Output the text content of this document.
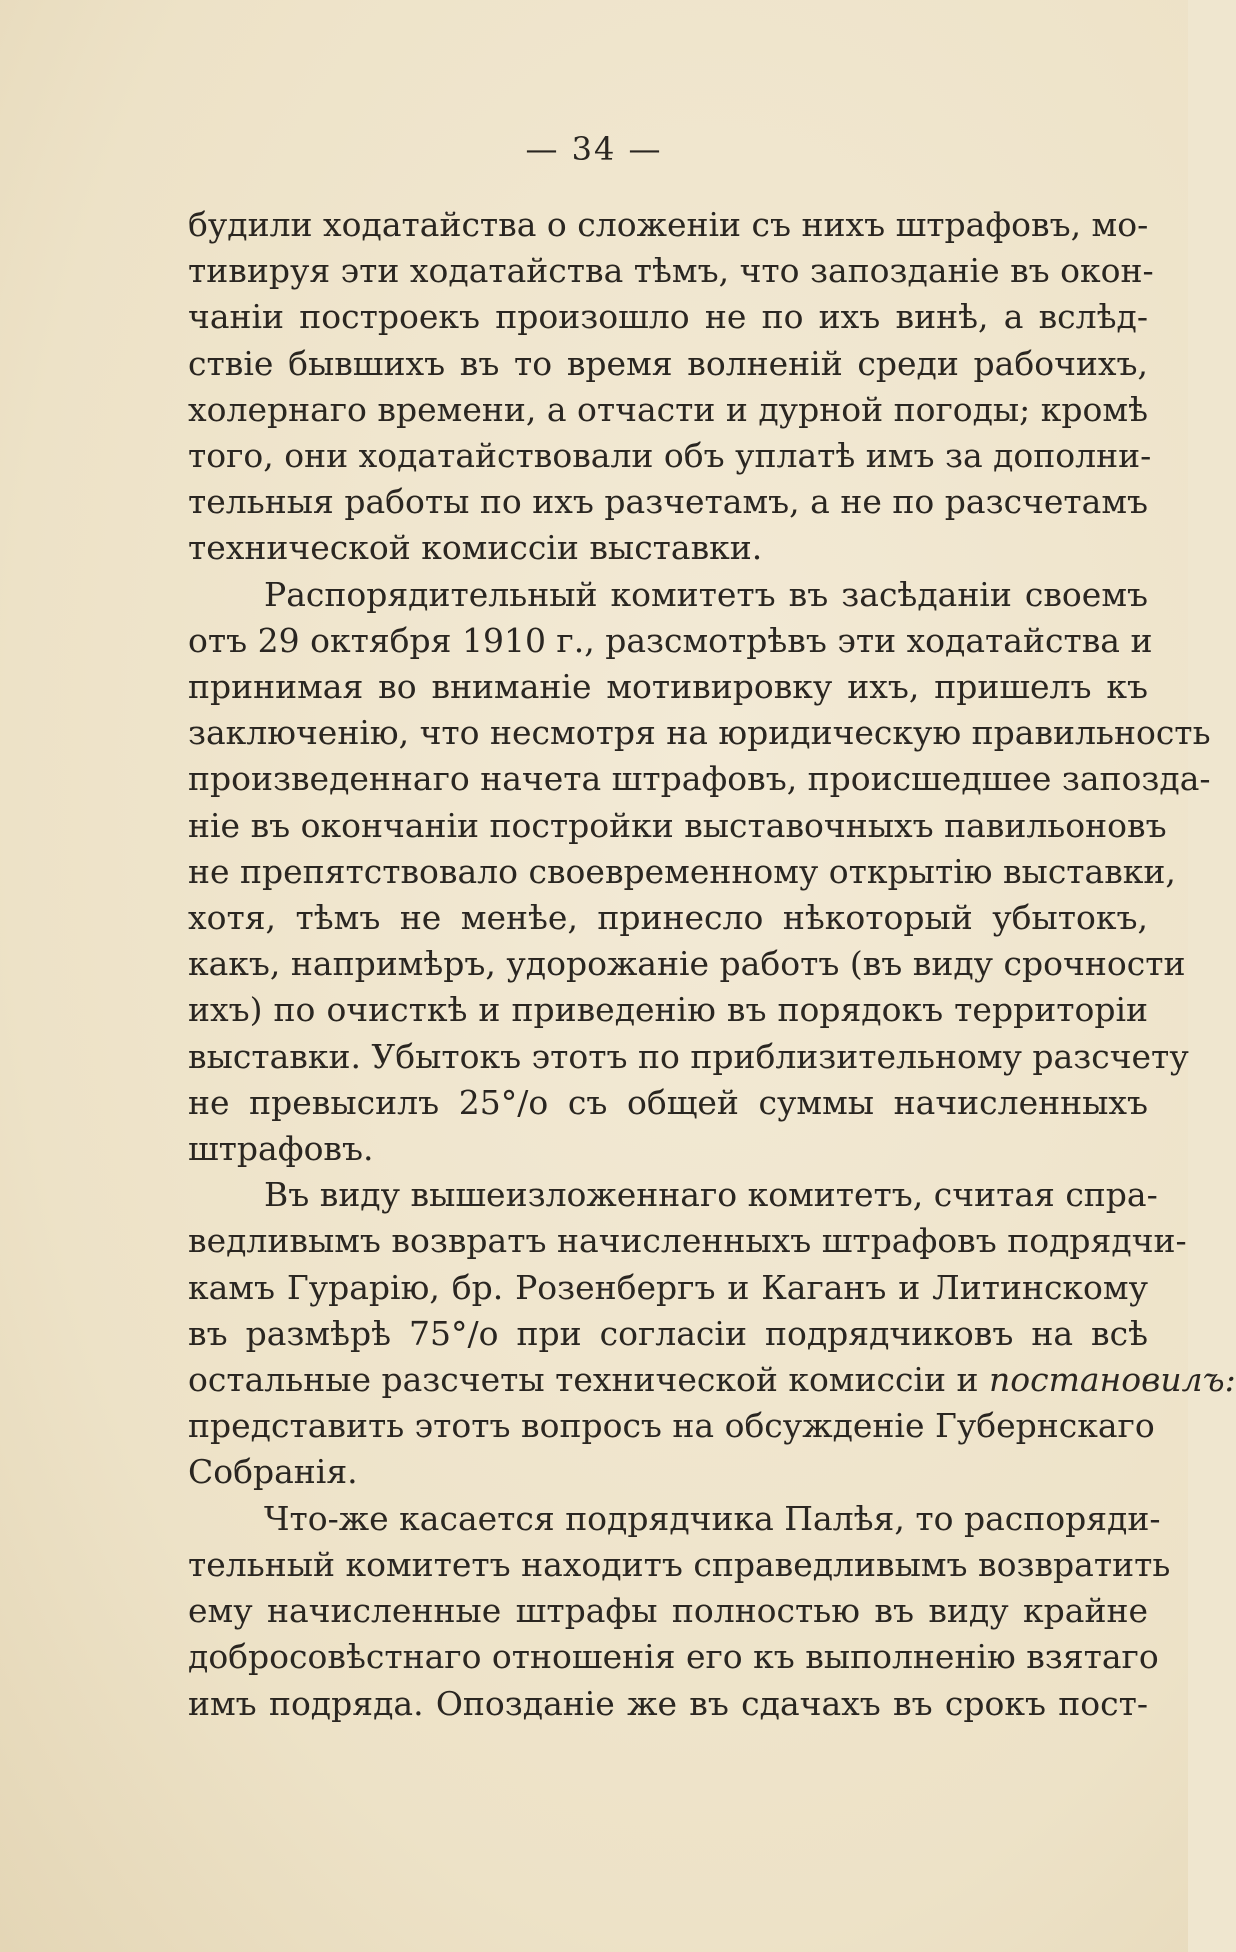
— 34 —
будили ходатайства о сложенiи съ нихъ штрафовъ, мо-
тивируя эти ходатайства тѣмъ, что запозданiе въ окон-
чанiи построекъ произошло не по ихъ винѣ, а вслѣд-
ствiе бывшихъ въ то время волненiй среди рабочихъ,
холернаго времени, а отчасти и дурной погоды; кромѣ
того, они ходатайствовали объ уплатѣ имъ за дополни-
тельныя работы по ихъ разчетамъ, а не по разсчетамъ
технической комиссiи выставки.
Распорядительный комитетъ въ засѣданiи своемъ
отъ 29 октября 1910 г., разсмотрѣвъ эти ходатайства и
принимая во вниманiе мотивировку ихъ, пришелъ къ
заключенiю, что несмотря на юридическую правильность
произведеннаго начета штрафовъ, происшедшее запозда-
нiе въ окончанiи постройки выставочныхъ павильоновъ
не препятствовало своевременному открытiю выставки,
хотя, тѣмъ не менѣе, принесло нѣкоторый убытокъ,
какъ, напримѣръ, удорожанiе работъ (въ виду срочности
ихъ) по очисткѣ и приведенiю въ порядокъ территорiи
выставки. Убытокъ этотъ по приблизительному разсчету
не превысилъ 25°/о съ общей суммы начисленныхъ
штрафовъ.
Въ виду вышеизложеннаго комитетъ, считая спра-
ведливымъ возвратъ начисленныхъ штрафовъ подрядчи-
камъ Гурарiю, бр. Розенбергъ и Каганъ и Литинскому
въ размѣрѣ 75°/о при согласiи подрядчиковъ на всѣ
остальные разсчеты технической комиссiи и постановилъ:
представить этотъ вопросъ на обсужденiе Губернскаго
Собранiя.
Что-же касается подрядчика Палѣя, то распоряди-
тельный комитетъ находитъ справедливымъ возвратить
ему начисленные штрафы полностью въ виду крайне
добросовѣстнаго отношенiя его къ выполненiю взятаго
имъ подряда. Опозданiе же въ сдачахъ въ срокъ пост-
